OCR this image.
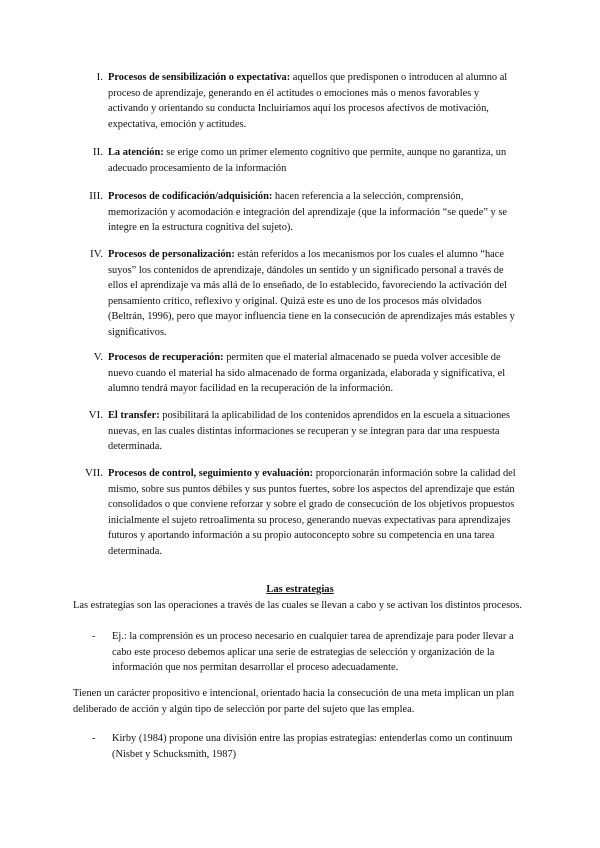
I. Procesos de sensibilización o expectativa: aquellos que predisponen o introducen al alumno al proceso de aprendizaje, generando en él actitudes o emociones más o menos favorables y activando y orientando su conducta Incluiríamos aquí los procesos afectivos de motivación, expectativa, emoción y actitudes.
II. La atención: se erige como un primer elemento cognitivo que permite, aunque no garantiza, un adecuado procesamiento de la información
III. Procesos de codificación/adquisición: hacen referencia a la selección, comprensión, memorización y acomodación e integración del aprendizaje (que la información “se quede” y se integre en la estructura cognitiva del sujeto).
IV. Procesos de personalización: están referidos a los mecanismos por los cuales el alumno “hace suyos” los contenidos de aprendizaje, dándoles un sentido y un significado personal a través de ellos el aprendizaje va más allá de lo enseñado, de lo establecido, favoreciendo la activación del pensamiento crítico, reflexivo y original. Quizá este es uno de los procesos más olvidados (Beltrán, 1996), pero que mayor influencia tiene en la consecución de aprendizajes más estables y significativos.
V. Procesos de recuperación: permiten que el material almacenado se pueda volver accesible de nuevo cuando el material ha sido almacenado de forma organizada, elaborada y significativa, el alumno tendrá mayor facilidad en la recuperación de la información.
VI. El transfer: posibilitará la aplicabilidad de los contenidos aprendidos en la escuela a situaciones nuevas, en las cuales distintas informaciones se recuperan y se integran para dar una respuesta determinada.
VII. Procesos de control, seguimiento y evaluación: proporcionarán información sobre la calidad del mismo, sobre sus puntos débiles y sus puntos fuertes, sobre los aspectos del aprendizaje que están consolidados o que conviene reforzar y sobre el grado de consecución de los objetivos propuestos inicialmente el sujeto retroalimenta su proceso, generando nuevas expectativas para aprendizajes futuros y aportando información a su propio autoconcepto sobre su competencia en una tarea determinada.
Las estrategias
Las estrategias son las operaciones a través de las cuales se llevan a cabo y se activan los distintos procesos.
- Ej.: la comprensión es un proceso necesario en cualquier tarea de aprendizaje para poder llevar a cabo este proceso debemos aplicar una serie de estrategias de selección y organización de la información que nos permitan desarrollar el proceso adecuadamente.
Tienen un carácter propositivo e intencional, orientado hacia la consecución de una meta implican un plan deliberado de acción y algún tipo de selección por parte del sujeto que las emplea.
- Kirby (1984) propone una división entre las propias estrategias: entenderlas como un continuum (Nisbet y Schucksmith, 1987)
